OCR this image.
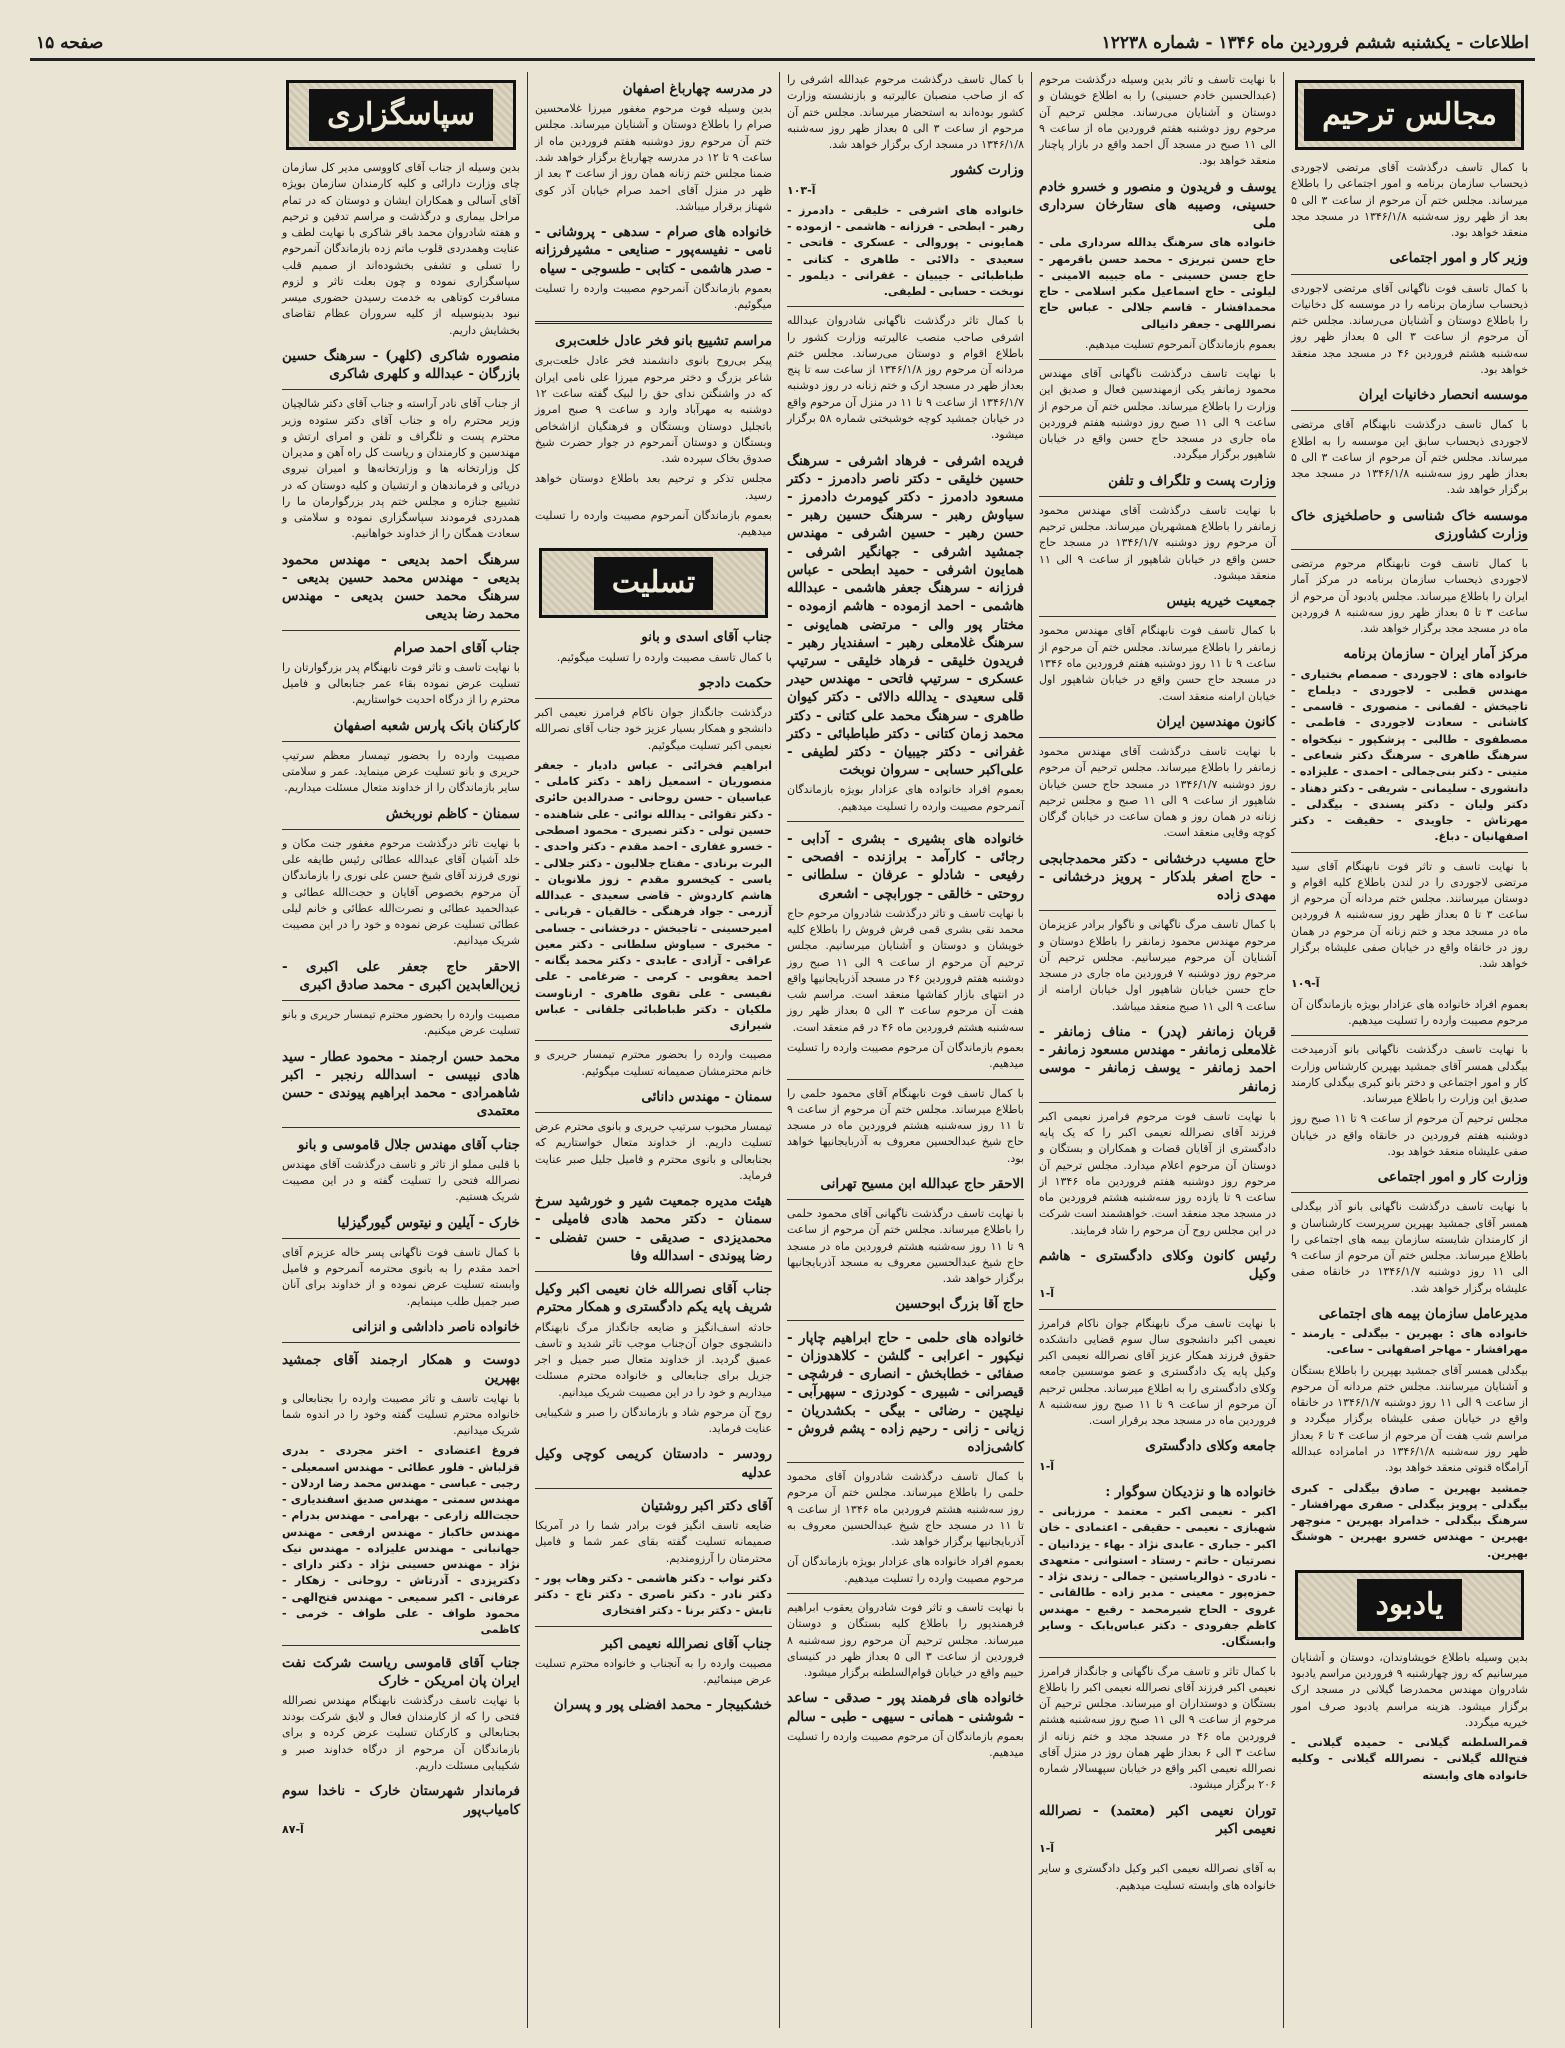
اطلاعات - یکشنبه ششم فروردین ماه ۱۳۴۶ - شماره ۱۲۲۳۸
صفحه ۱۵
مجالس ترحیم

با کمال تاسف درگذشت آقای مرتضی لاجوردی ذیحساب سازمان برنامه و امور اجتماعی را باطلاع میرساند. مجلس ختم آن مرحوم از ساعت ۳ الی ۵ بعد از ظهر روز سه‌شنبه ۱۳۴۶/۱/۸ در مسجد مجد منعقد خواهد بود.

وزیر کار و امور اجتماعی

با کمال تاسف فوت ناگهانی آقای مرتضی لاجوردی ذیحساب سازمان برنامه را در موسسه کل دخانیات را باطلاع دوستان و آشنایان می‌رساند. مجلس ختم آن مرحوم از ساعت ۳ الی ۵ بعداز ظهر روز سه‌شنبه هشتم فروردین ۴۶ در مسجد مجد منعقد خواهد بود.

موسسه انحصار دخانیات ایران

با کمال تاسف درگذشت نابهنگام آقای مرتضی لاجوردی ذیحساب سابق این موسسه را به اطلاع میرساند. مجلس ختم آن مرحوم از ساعت ۳ الی ۵ بعداز ظهر روز سه‌شنبه ۱۳۴۶/۱/۸ در مسجد مجد برگزار خواهد شد.

موسسه خاک شناسی و حاصلخیزی خاک وزارت کشاورزی

با کمال تاسف فوت نابهنگام مرحوم مرتضی لاجوردی ذیحساب سازمان برنامه در مرکز آمار ایران را باطلاع میرساند. مجلس یادبود آن مرحوم از ساعت ۳ تا ۵ بعداز ظهر روز سه‌شنبه ۸ فروردین ماه در مسجد مجد برگزار خواهد شد.

مرکز آمار ایران - سازمان برنامه

خانواده های : لاجوردی - صمصام بختیاری - مهندس قطبی - لاجوردی - دیلماج - تاجبخش - لقمانی - منصوری - قاسمی - کاشانی - سعادت لاجوردی - فاطمی - مصطفوی - طالبی - پزشکپور - نیکخواه - سرهنگ طاهری - سرهنگ دکتر شعاعی - متینی - دکتر بنی‌جمالی - احمدی - علیزاده - دانشوری - سلیمانی - شریفی - دکتر دهناد - دکتر ولیان - دکتر پسندی - بیگدلی - مهرتاش - جاویدی - حقیقت - دکتر اصفهانیان - دباغ.

با نهایت تاسف و تاثر فوت نابهنگام آقای سید مرتضی لاجوردی را در لندن باطلاع کلیه اقوام و دوستان میرسانند. مجلس ختم مردانه آن مرحوم از ساعت ۳ تا ۵ بعداز ظهر روز سه‌شنبه ۸ فروردین ماه در مسجد مجد و ختم زنانه آن مرحوم در همان روز در خانقاه واقع در خیابان صفی علیشاه برگزار خواهد شد.

آ-۱۰۹

بعموم افراد خانواده های عزادار بویژه بازماندگان آن مرحوم مصیبت وارده را تسلیت میدهیم.

با نهایت تاسف درگذشت ناگهانی بانو آذرمیدخت بیگدلی همسر آقای جمشید بهپرین کارشناس وزارت کار و امور اجتماعی و دختر بانو کبری بیگدلی کارمند صدیق این وزارت را باطلاع میرساند.

مجلس ترحیم آن مرحوم از ساعت ۹ تا ۱۱ صبح روز دوشنبه هفتم فروردین در خانقاه واقع در خیابان صفی علیشاه منعقد خواهد بود.

وزارت کار و امور اجتماعی

با نهایت تاسف درگذشت ناگهانی بانو آذر بیگدلی همسر آقای جمشید بهپرین سرپرست کارشناسان و از کارمندان شایسته سازمان بیمه های اجتماعی را باطلاع میرساند. مجلس ختم آن مرحوم از ساعت ۹ الی ۱۱ روز دوشنبه ۱۳۴۶/۱/۷ در خانقاه صفی علیشاه برگزار خواهد شد.

مدیرعامل سازمان بیمه های اجتماعی

خانواده های : بهپرین - بیگدلی - یارمند - مهرافشار - مهاجر اصفهانی - ساعی.

بیگدلی همسر آقای جمشید بهپرین را باطلاع بستگان و آشنایان میرسانند. مجلس ختم مردانه آن مرحوم از ساعت ۹ الی ۱۱ روز دوشنبه ۱۳۴۶/۱/۷ در خانقاه واقع در خیابان صفی علیشاه برگزار میگردد و مراسم شب هفت آن مرحوم از ساعت ۴ تا ۶ بعداز ظهر روز سه‌شنبه ۱۳۴۶/۱/۸ در امامزاده عبدالله آرامگاه قنوتی منعقد خواهد بود.

جمشید بهپرین - صادق بیگدلی - کبری بیگدلی - پرویز بیگدلی - صفری مهرافشار - سرهنگ بیگدلی - خدامراد بهپرین - منوچهر بهپرین - مهندس خسرو بهپرین - هوشنگ بهپرین.

یادبود

بدین وسیله باطلاع خویشاوندان، دوستان و آشنایان میرسانیم که روز چهارشنبه ۹ فروردین مراسم یادبود شادروان مهندس محمدرضا گیلانی در مسجد ارک برگزار میشود. هزینه مراسم یادبود صرف امور خیریه میگردد.

قمرالسلطنه گیلانی - حمیده گیلانی - فتح‌الله گیلانی - نصرالله گیلانی - وکلیه خانواده های وابسته

با نهایت تاسف و تاثر بدین وسیله درگذشت مرحوم (عبدالحسین خادم حسینی) را به اطلاع خویشان و دوستان و آشنایان می‌رساند. مجلس ترحیم آن مرحوم روز دوشنبه هفتم فروردین ماه از ساعت ۹ الی ۱۱ صبح در مسجد آل احمد واقع در بازار پاچنار منعقد خواهد بود.

یوسف و فریدون و منصور و خسرو خادم حسینی، وصیبه های ستارخان سرداری ملی

خانواده های سرهنگ یدالله سرداری ملی - حاج حسن تبریزی - محمد حسن باقرمهر - حاج جسن حسینی - ماه جبیبه الامینی - لیلوئی - حاج اسماعیل مکبر اسلامی - حاج محمدافشار - قاسم جلالی - عباس حاج نصراللهی - جعفر دانیالی

بعموم بازماندگان آنمرحوم تسلیت میدهیم.

با نهایت تاسف درگذشت ناگهانی آقای مهندس محمود زمانفر یکی ازمهندسین فعال و صدیق این وزارت را باطلاع میرساند. مجلس ختم آن مرحوم از ساعت ۹ الی ۱۱ صبح روز دوشنبه هفتم فروردین ماه جاری در مسجد حاج حسن واقع در خیابان شاهپور برگزار میگردد.

وزارت پست و تلگراف و تلفن

با نهایت تاسف درگذشت آقای مهندس محمود زمانفر را باطلاع همشهریان میرساند. مجلس ترحیم آن مرحوم روز دوشنبه ۱۳۴۶/۱/۷ در مسجد حاج حسن واقع در خیابان شاهپور از ساعت ۹ الی ۱۱ منعقد میشود.

جمعیت خیریه بنیس

با کمال تاسف فوت نابهنگام آقای مهندس محمود زمانفر را باطلاع میرساند. مجلس ختم آن مرحوم از ساعت ۹ تا ۱۱ روز دوشنبه هفتم فروردین ماه ۱۳۴۶ در مسجد حاج حسن واقع در خیابان شاهپور اول خیابان ارامنه منعقد است.

کانون مهندسین ایران

با نهایت تاسف درگذشت آقای مهندس محمود زمانفر را باطلاع میرساند. مجلس ترحیم آن مرحوم روز دوشنبه ۱۳۴۶/۱/۷ در مسجد حاج حسن خیابان شاهپور از ساعت ۹ الی ۱۱ صبح و مجلس ترحیم زنانه در همان روز و همان ساعت در خیابان گرگان کوچه وفایی منعقد است.

حاج مسیب درخشانی - دکتر محمدجابجی - حاج اصغر بلدکار - پرویز درخشانی - مهدی زاده

با کمال تاسف مرگ ناگهانی و ناگوار برادر عزیزمان مرحوم مهندس محمود زمانفر را باطلاع دوستان و آشنایان آن مرحوم میرسانیم. مجلس ترحیم آن مرحوم روز دوشنبه ۷ فروردین ماه جاری در مسجد حاج حسن خیابان شاهپور اول خیابان ارامنه از ساعت ۹ الی ۱۱ صبح منعقد میباشد.

قربان زمانفر (پدر) - مناف زمانفر - غلامعلی زمانفر - مهندس مسعود زمانفر - احمد زمانفر - یوسف زمانفر - موسی زمانفر

با نهایت تاسف فوت مرحوم فرامرز نعیمی اکبر فرزند آقای نصرالله نعیمی اکبر را که یک پایه دادگستری از آقایان قضات و همکاران و بستگان و دوستان آن مرحوم اعلام میدارد. مجلس ترحیم آن مرحوم روز دوشنبه هفتم فروردین ماه ۱۳۴۶ از ساعت ۹ تا یازده روز سه‌شنبه هشتم فروردین ماه در مسجد مجد منعقد است. خواهشمند است شرکت در این مجلس روح آن مرحوم را شاد فرمایند.

رئیس کانون وکلای دادگستری - هاشم وکیل
آ-۱

با نهایت تاسف مرگ نابهنگام جوان ناکام فرامرز نعیمی اکبر دانشجوی سال سوم قضایی دانشکده حقوق فرزند همکار عزیز آقای نصرالله نعیمی اکبر وکیل پایه یک دادگستری و عضو موسسین جامعه وکلای دادگستری را به اطلاع میرساند. مجلس ترحیم آن مرحوم از ساعت ۹ تا ۱۱ صبح روز سه‌شنبه ۸ فروردین ماه در مسجد مجد برقرار است.

جامعه وکلای دادگستری
آ-۱
خانواده ها و نزدیکان سوگوار :

اکبر - نعیمی اکبر - معتمد - مرزبانی - شهبازی - نعیمی - حقیقی - اعتمادی - خان اکبر - جباری - عابدی نژاد - بهاء - یزدانیان - نصرتیان - حاتم - رستاد - استوانی - متعهدی - نادری - ذوالریاستین - جمالی - زندی نژاد - حمزه‌پور - معینی - مدیر زاده - طالقانی - غروی - الحاج شیرمحمد - رفیع - مهندس کاظم جفرودی - دکتر عباس‌بابک - وسایر وابستگان.

با کمال تاثر و تاسف مرگ ناگهانی و جانگداز فرامرز نعیمی اکبر فرزند آقای نصرالله نعیمی اکبر را باطلاع بستگان و دوستداران او میرساند. مجلس ترحیم آن مرحوم از ساعت ۹ الی ۱۱ صبح روز سه‌شنبه هشتم فروردین ماه ۴۶ در مسجد مجد و ختم زنانه از ساعت ۳ الی ۶ بعداز ظهر همان روز در منزل آقای نصرالله نعیمی اکبر واقع در خیابان سپهسالار شماره ۲۰۶ برگزار میشود.

توران نعیمی اکبر (معتمد) - نصرالله نعیمی اکبر
آ-۱

به آقای نصرالله نعیمی اکبر وکیل دادگستری و سایر خانواده های وابسته تسلیت میدهیم.

با کمال تاسف درگذشت مرحوم عبدالله اشرفی را که از صاحب منصبان عالیرتبه و بازنشسته وزارت کشور بوده‌اند به استحضار میرساند. مجلس ختم آن مرحوم از ساعت ۳ الی ۵ بعداز ظهر روز سه‌شنبه ۱۳۴۶/۱/۸ در مسجد ارک برگزار خواهد شد.

وزارت کشور
آ-۱۰۳

خانواده های اشرفی - خلیقی - دادمرز - رهبر - ابطحی - فرزانه - هاشمی - ازموده - همایونی - پوروالی - عسکری - فاتحی - سعیدی - دالائی - طاهری - کتانی - طباطبائی - جیبیان - غفرانی - دیلمور - نوبخت - حسابی - لطیفی.

با کمال تاثر درگذشت ناگهانی شادروان عبدالله اشرفی صاحب منصب عالیرتبه وزارت کشور را باطلاع اقوام و دوستان می‌رساند. مجلس ختم مردانه آن مرحوم روز ۱۳۴۶/۱/۸ از ساعت سه تا پنج بعداز ظهر در مسجد ارک و ختم زنانه در روز دوشنبه ۱۳۴۶/۱/۷ از ساعت ۹ تا ۱۱ در منزل آن مرحوم واقع در خیابان جمشید کوچه خوشبختی شماره ۵۸ برگزار میشود.

فریده اشرفی - فرهاد اشرفی - سرهنگ حسین خلیقی - دکتر ناصر دادمرز - دکتر مسعود دادمرز - دکتر کیومرث دادمرز - سیاوش رهبر - سرهنگ حسین رهبر - حسن رهبر - حسین اشرفی - مهندس جمشید اشرفی - جهانگیر اشرفی - همایون اشرفی - حمید ابطحی - عباس فرزانه - سرهنگ جعفر هاشمی - عبدالله هاشمی - احمد ازموده - هاشم ازموده - مختار پور والی - مرتضی همایونی - سرهنگ غلامعلی رهبر - اسفندیار رهبر - فریدون خلیقی - فرهاد خلیقی - سرتیپ عسکری - سرتیپ فاتحی - مهندس حیدر قلی سعیدی - یدالله دالائی - دکتر کیوان طاهری - سرهنگ محمد علی کتانی - دکتر محمد زمان کتانی - دکتر طباطبائی - دکتر غفرانی - دکتر جیبیان - دکتر لطیفی - علی‌اکبر حسابی - سروان نوبخت

بعموم افراد خانواده های عزادار بویژه بازماندگان آنمرحوم مصیبت وارده را تسلیت میدهیم.

خانواده های بشیری - بشری - آدابی - رجائی - کارآمد - برازنده - افصحی - رفیعی - شادلو - عرفان - سلطانی - روحتی - خالقی - جورابچی - اشعری

با نهایت تاسف و تاثر درگذشت شادروان مرحوم حاج محمد نقی بشری قمی فرش فروش را باطلاع کلیه خویشان و دوستان و آشنایان میرسانیم. مجلس ترحیم آن مرحوم از ساعت ۹ الی ۱۱ صبح روز دوشنبه هفتم فروردین ۴۶ در مسجد آذربایجانیها واقع در انتهای بازار کفاشها منعقد است. مراسم شب هفت آن مرحوم ساعت ۳ الی ۵ بعداز ظهر روز سه‌شنبه هشتم فروردین ماه ۴۶ در قم منعقد است.

بعموم بازماندگان آن مرحوم مصیبت وارده را تسلیت میدهیم.

با کمال تاسف فوت نابهنگام آقای محمود حلمی را باطلاع میرساند. مجلس ختم آن مرحوم از ساعت ۹ تا ۱۱ روز سه‌شنبه هشتم فروردین ماه در مسجد حاج شیخ عبدالحسین معروف به آذربایجانیها خواهد بود.

الاحقر حاج عبدالله ابن مسیح تهرانی

با نهایت تاسف درگذشت ناگهانی آقای محمود حلمی را باطلاع میرساند. مجلس ختم آن مرحوم از ساعت ۹ تا ۱۱ روز سه‌شنبه هشتم فروردین ماه در مسجد حاج شیخ عبدالحسین معروف به مسجد آذربایجانیها برگزار خواهد شد.

حاج آقا بزرگ ابوحسین
خانواده های حلمی - حاج ابراهیم چاپار - نیکپور - اعرابی - گلشن - کلاهدوزان - صفائی - خطابخش - انصاری - فرشچی - قیصرانی - شبیری - کودرزی - سپهرآبی - نیلچین - رضائی - بیگی - بکشدریان - زیانی - زانی - رحیم زاده - پشم فروش - کاشی‌زاده

با کمال تاسف درگذشت شادروان آقای محمود حلمی را باطلاع میرساند. مجلس ختم آن مرحوم روز سه‌شنبه هشتم فروردین ماه ۱۳۴۶ از ساعت ۹ تا ۱۱ در مسجد حاج شیخ عبدالحسین معروف به آذربایجانیها برگزار خواهد شد.

بعموم افراد خانواده های عزادار بویژه بازماندگان آن مرحوم مصیبت وارده را تسلیت میدهیم.

با نهایت تاسف و تاثر فوت شادروان یعقوب ابراهیم فرهمندپور را باطلاع کلیه بستگان و دوستان میرساند. مجلس ترحیم آن مرحوم روز سه‌شنبه ۸ فروردین از ساعت ۳ الی ۵ بعداز ظهر در کنیسای حییم واقع در خیابان قوام‌السلطنه برگزار میشود.

خانواده های فرهمند پور - صدقی - ساعد - شوشنی - همانی - سیهی - طبی - سالم

بعموم بازماندگان آن مرحوم مصیبت وارده را تسلیت میدهیم.

در مدرسه چهارباغ اصفهان

بدین وسیله فوت مرحوم مغفور میرزا غلامحسین صرام را باطلاع دوستان و آشنایان میرساند. مجلس ختم آن مرحوم روز دوشنبه هفتم فروردین ماه از ساعت ۹ تا ۱۲ در مدرسه چهارباغ برگزار خواهد شد. ضمنا مجلس ختم زنانه همان روز از ساعت ۳ بعد از ظهر در منزل آقای احمد صرام خیابان آذر کوی شهناز برقرار میباشد.

خانواده های صرام - سدهی - پروشانی - نامی - نفیسه‌پور - صنایعی - مشیرفرزانه - صدر هاشمی - کتابی - طسوجی - سیاه

بعموم بازماندگان آنمرحوم مصیبت وارده را تسلیت میگوئیم.

مراسم تشییع بانو فخر عادل خلعت‌بری

پیکر بی‌روح بانوی دانشمند فخر عادل خلعت‌بری شاعر بزرگ و دختر مرحوم میرزا علی نامی ایران که در واشنگتن ندای حق را لبیک گفته ساعت ۱۲ دوشنبه به مهرآباد وارد و ساعت ۹ صبح امروز باتجلیل دوستان وبستگان و فرهنگیان ازاشخاص وبستگان و دوستان آنمرحوم در جوار حضرت شیخ صدوق بخاک سپرده شد.

مجلس تذکر و ترحیم بعد باطلاع دوستان خواهد رسید.

بعموم بازماندگان آنمرحوم مصیبت وارده را تسلیت میدهیم.

تسلیت
جناب آقای اسدی و بانو

با کمال تاسف مصیبت وارده را تسلیت میگوئیم.

حکمت دادجو

درگذشت جانگداز جوان ناکام فرامرز نعیمی اکبر دانشجو و همکار بسیار عزیز خود جناب آقای نصرالله نعیمی اکبر تسلیت میگوئیم.

ابراهیم فخرائی - عباس دادیار - جعفر منصوریان - اسمعیل زاهد - دکتر کاملی - عباسیان - حسن روحانی - صدرالدین حائری - دکتر تقوائی - یدالله نوائی - علی شاهنده - حسین تولی - دکتر نصیری - محمود اصطحی - خسرو غفاری - احمد مقدم - دکتر واحدی - البرت برنادی - مفتاح جلالیون - دکتر جلالی - یاسی - کیخسرو مقدم - زوز ملانویان - هاشم کاردوش - قاضی سعیدی - عبدالله آزرمی - جواد فرهنگی - خالقیان - قربانی - امیرحسینی - تاجبخش - درخشانی - جسامی - مخبری - سیاوش سلطانی - دکتر معین عراقی - آزادی - عابدی - دکتر محمد یگانه - احمد یعقوبی - کرمی - ضرغامی - علی نفیسی - علی تقوی طاهری - ارناوست ملکیان - دکتر طباطبائی جلقانی - عباس شیرازی

مصیبت وارده را بحضور محترم تیمسار حریری و خانم محترمشان صمیمانه تسلیت میگوئیم.

سمنان - مهندس دانائی

تیمسار محبوب سرتیپ حریری و بانوی محترم عرض تسلیت داریم. از خداوند متعال خواستاریم که بجنابعالی و بانوی محترم و فامیل جلیل صبر عنایت فرماید.

هیئت مدیره جمعیت شیر و خورشید سرخ سمنان - دکتر محمد هادی فامیلی - محمدیزدی - صدیقی - حسن تفضلی - رضا پیوندی - اسدالله وفا
جناب آقای نصرالله خان نعیمی اکبر وکیل شریف پایه یکم دادگستری و همکار محترم

حادثه اسف‌انگیز و ضایعه جانگداز مرگ نابهنگام دانشجوی جوان آن‌جناب موجب تاثر شدید و تاسف عمیق گردید. از خداوند متعال صبر جمیل و اجر جزیل برای جنابعالی و خانواده محترم مسئلت میداریم و خود را در این مصیبت شریک میدانیم.

روح آن مرحوم شاد و بازماندگان را صبر و شکیبایی عنایت فرماید.

رودسر - دادستان کریمی کوچی وکیل عدلیه
آقای دکتر اکبر روشتیان

ضایعه تاسف انگیز فوت برادر شما را در آمریکا صمیمانه تسلیت گفته بقای عمر شما و فامیل محترمتان را آرزومندیم.

دکتر نواب - دکتر هاشمی - دکتر وهاب پور - دکتر نادر - دکتر ناصری - دکتر تاج - دکتر تابش - دکتر برنا - دکتر افتخاری

جناب آقای نصرالله نعیمی اکبر

مصیبت وارده را به آنجناب و خانواده محترم تسلیت عرض مینمائیم.

خشکبیجار - محمد افضلی پور و پسران
سپاسگزاری

بدین وسیله از جناب آقای کاووسی مدیر کل سازمان چای وزارت دارائی و کلیه کارمندان سازمان بویژه آقای آسالی و همکاران ایشان و دوستان که در تمام مراحل بیماری و درگذشت و مراسم تدفین و ترحیم و هفته شادروان محمد باقر شاکری با نهایت لطف و عنایت وهمدردی قلوب ماتم زده بازماندگان آنمرحوم را تسلی و تشفی بخشوده‌اند از صمیم قلب سپاسگزاری نموده و چون بعلت تاثر و لزوم مسافرت کوتاهی به خدمت رسیدن حضوری میسر نبود بدینوسیله از کلیه سروران عظام تقاضای بخشایش داریم.

منصوره شاکری (کلهر) - سرهنگ حسین بازرگان - عبدالله و کلهری شاکری

از جناب آقای نادر آراسته و جناب آقای دکتر شالچیان وزیر محترم راه و جناب آقای دکتر ستوده وزیر محترم پست و تلگراف و تلفن و امرای ارتش و مهندسین و کارمندان و ریاست کل راه آهن و مدیران کل وزارتخانه ها و وزارتخانه‌ها و امیران نیروی دریائی و فرماندهان و ارتشیان و کلیه دوستان که در تشییع جنازه و مجلس ختم پدر بزرگوارمان ما را همدردی فرمودند سپاسگزاری نموده و سلامتی و سعادت همگان را از خداوند خواهانیم.

سرهنگ احمد بدیعی - مهندس محمود بدیعی - مهندس محمد حسین بدیعی - سرهنگ محمد حسن بدیعی - مهندس محمد رضا بدیعی
جناب آقای احمد صرام

با نهایت تاسف و تاثر فوت نابهنگام پدر بزرگوارتان را تسلیت عرض نموده بقاء عمر جنابعالی و فامیل محترم را از درگاه احدیت خواستاریم.

کارکنان بانک پارس شعبه اصفهان

مصیبت وارده را بحضور تیمسار معظم سرتیپ حریری و بانو تسلیت عرض مینماید. عمر و سلامتی سایر بازماندگان را از خداوند متعال مسئلت میداریم.

سمنان - کاظم نوربخش

با نهایت تاثر درگذشت مرحوم مغفور جنت مکان و خلد آشیان آقای عبدالله عطائی رئیس طایفه علی نوری فرزند آقای شیخ حسن علی نوری را بازماندگان آن مرحوم بخصوص آقایان و حجت‌الله عطائی و عبدالحمید عطائی و نصرت‌الله عطائی و خانم لیلی عطائی تسلیت عرض نموده و خود را در این مصیبت شریک میدانیم.

الاحقر حاج جعفر علی اکبری - زین‌العابدین اکبری - محمد صادق اکبری

مصیبت وارده را بحضور محترم تیمسار حریری و بانو تسلیت عرض میکنیم.

محمد حسن ارجمند - محمود عطار - سید هادی نبیسی - اسدالله رنجبر - اکبر شاهمرادی - محمد ابراهیم پیوندی - حسن معتمدی
جناب آقای مهندس جلال قاموسی و بانو

با قلبی مملو از تاثر و تاسف درگذشت آقای مهندس نصرالله فتحی را تسلیت گفته و در این مصیبت شریک هستیم.

خارک - آیلین و نیتوس گیورگیزلیا

با کمال تاسف فوت ناگهانی پسر خاله عزیزم آقای احمد مقدم را به بانوی محترمه آنمرحوم و فامیل وابسته تسلیت عرض نموده و از خداوند برای آنان صبر جمیل طلب مینمایم.

خانواده ناصر داداشی و انزانی
دوست و همکار ارجمند آقای جمشید بهپرین

با نهایت تاسف و تاثر مصیبت وارده را بجنابعالی و خانواده محترم تسلیت گفته وخود را در اندوه شما شریک میدانیم.

فروغ اعتضادی - اختر مجردی - بدری قزلباش - فلور عطائی - مهندس اسمعیلی - رجبی - عباسی - مهندس محمد رضا اردلان - مهندس سمتی - مهندس صدیق اسفندیاری - حجت‌الله زارعی - بهرامی - مهندس بدرام - مهندس خاکباز - مهندس ارفعی - مهندس جهانبانی - مهندس علیزاده - مهندس نیک نژاد - مهندس حسینی نژاد - دکتر دارای - دکترپزدی - آذرتاش - روحانی - زهکار - عرفانی - اکبر سمیعی - مهندس فتح‌الهی - محمود طواف - علی طواف - خرمی - کاظمی

جناب آقای قاموسی ریاست شرکت نفت ایران پان امریکن - خارک

با نهایت تاسف درگذشت نابهنگام مهندس نصرالله فتحی را که از کارمندان فعال و لایق شرکت بودند بجنابعالی و کارکنان تسلیت عرض کرده و برای بازماندگان آن مرحوم از درگاه خداوند صبر و شکیبایی مسئلت داریم.

فرماندار شهرستان خارک - ناخدا سوم کامیاب‌پور
آ-۸۷
